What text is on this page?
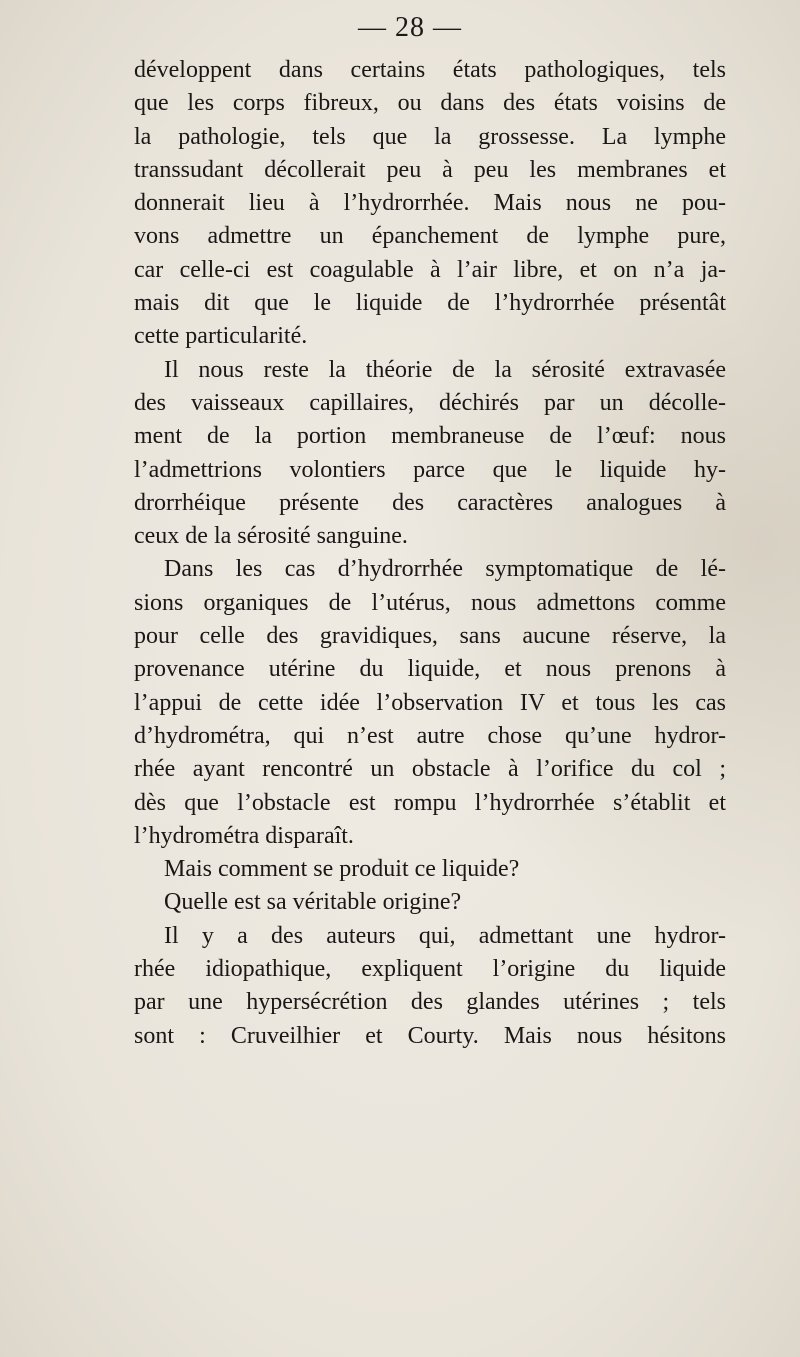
— 28 —
développent dans certains états pathologiques, tels
que les corps fibreux, ou dans des états voisins de
la pathologie, tels que la grossesse. La lymphe
transsudant décollerait peu à peu les membranes et
donnerait lieu à l’hydrorrhée. Mais nous ne pou-
vons admettre un épanchement de lymphe pure,
car celle-ci est coagulable à l’air libre, et on n’a ja-
mais dit que le liquide de l’hydrorrhée présentât
cette particularité.
Il nous reste la théorie de la sérosité extravasée
des vaisseaux capillaires, déchirés par un décolle-
ment de la portion membraneuse de l’œuf: nous
l’admettrions volontiers parce que le liquide hy-
drorrhéique présente des caractères analogues à
ceux de la sérosité sanguine.
Dans les cas d’hydrorrhée symptomatique de lé-
sions organiques de l’utérus, nous admettons comme
pour celle des gravidiques, sans aucune réserve, la
provenance utérine du liquide, et nous prenons à
l’appui de cette idée l’observation IV et tous les cas
d’hydrométra, qui n’est autre chose qu’une hydror-
rhée ayant rencontré un obstacle à l’orifice du col ;
dès que l’obstacle est rompu l’hydrorrhée s’établit et
l’hydrométra disparaît.
Mais comment se produit ce liquide?
Quelle est sa véritable origine?
Il y a des auteurs qui, admettant une hydror-
rhée idiopathique, expliquent l’origine du liquide
par une hypersécrétion des glandes utérines ; tels
sont : Cruveilhier et Courty. Mais nous hésitons
